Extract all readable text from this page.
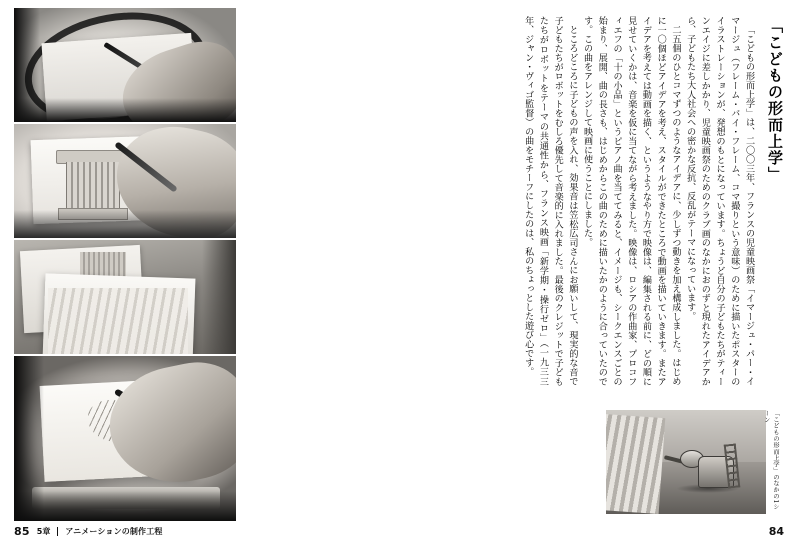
85 5章 アニメーションの制作工程
「こどもの形而上学」

「こどもの形而上学」は、二〇〇三年、フランスの児童映画祭「イマージュ・パー・イマージュ（フレーム・バイ・フレーム、コマ撮りという意味）のために描いたポスターのイラストレーションが、発想のもとになっています。ちょうど自分の子どもたちがティーンエイジに差しかかり、児童映画祭のためのクラブ画のなかにおのずと現れたアイデアから、子どもたち大人社会への密かな反抗、反乱がテーマになっています。

二五個のひとコマずつのようなアイデアに、少しずつ動きを加え構成しました。はじめに一〇個ほどアイデアを考え、スタイルができたところで動画を描いていきます。またアイデアを考えては動画を描く、というようなやり方で映像は、編集される前に、どの順に見せていくかは、音楽を仮に当てながら考えました。映像は、ロシアの作曲家、プロコフィエフの「十の小品」というピアノ曲を当ててみると、イメージも、シークエンスごとの始まり、展開、曲の長さも、はじめからこの曲のために描いたかのように合っていたのです。この曲をアレンジして映画に使うことにしました。

ところどころに子どもの声を入れ、効果音は笠松広司さんにお願いして、現実的な音で子どもたちがロボットをむしろ優先して音楽的に入れました。最後のクレジットで子どもたちがロボットをテーマの共通性から、フランス映画「新学期・操行ゼロ」（一九三三年、ジャン・ヴィゴ監督）の曲をモチーフにしたのは、私のちょっとした遊び心です。

「こどもの形而上学」のなかの1シーン
84
